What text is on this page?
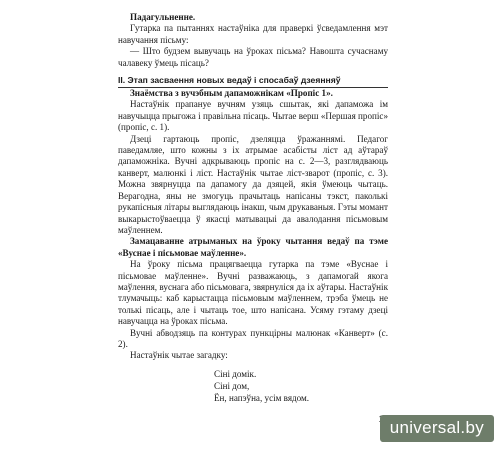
Падагульненне.

Гутарка па пытаннях настаўніка для праверкі ўсведамлення мэт навучання пісьму:

— Што будзем вывучаць на ўроках пісьма? Навошта сучаснаму чалавеку ўмець пісаць?

II. Этап засваення новых ведаў і спосабаў дзеянняў

Знаёмства з вучэбным дапаможнікам «Пропіс 1».

Настаўнік прапануе вучням узяць сшытак, які дапаможа ім навучыцца прыгожа і правільна пісаць. Чытае верш «Першая пропіс» (пропіс, с. 1).

Дзеці гартаюць пропіс, дзеляцца ўражаннямі. Педагог паведамляе, што кожны з іх атрымае асабісты ліст ад аўтараў дапаможніка. Вучні адкрываюць пропіс на с. 2—3, разглядваюць канверт, малюнкі і ліст. Настаўнік чытае ліст-зварот (пропіс, с. 3). Можна звярнуцца па дапамогу да дзяцей, якія ўмеюць чытаць. Верагодна, яны не змогуць прачытаць напісаны тэкст, паколькі рукапісныя літары выглядаюць інакш, чым друкаваныя. Гэты момант выкарыстоўваецца ў якасці матывацыі да авалодання пісьмовым маўленнем.

Замацаванне атрыманых на ўроку чытання ведаў па тэме «Вуснае і пісьмовае маўленне».

На ўроку пісьма працягваецца гутарка па тэме «Вуснае і пісьмовае маўленне». Вучні разважаюць, з дапамогай якога маўлення, вуснага або пісьмовага, звярнуліся да іх аўтары. Настаўнік тлумачыць: каб карыстацца пісьмовым маўленнем, трэба ўмець не толькі пісаць, але і чытаць тое, што напісана. Усяму гэтаму дзеці навучацца на ўроках пісьма.

Вучні абводзяць па контурах пункцірны малюнак «Канверт» (с. 2).

Настаўнік чытае загадку:

Сіні домік.
Сіні дом,
Ён, напэўна, усім вядом.
universal.by
